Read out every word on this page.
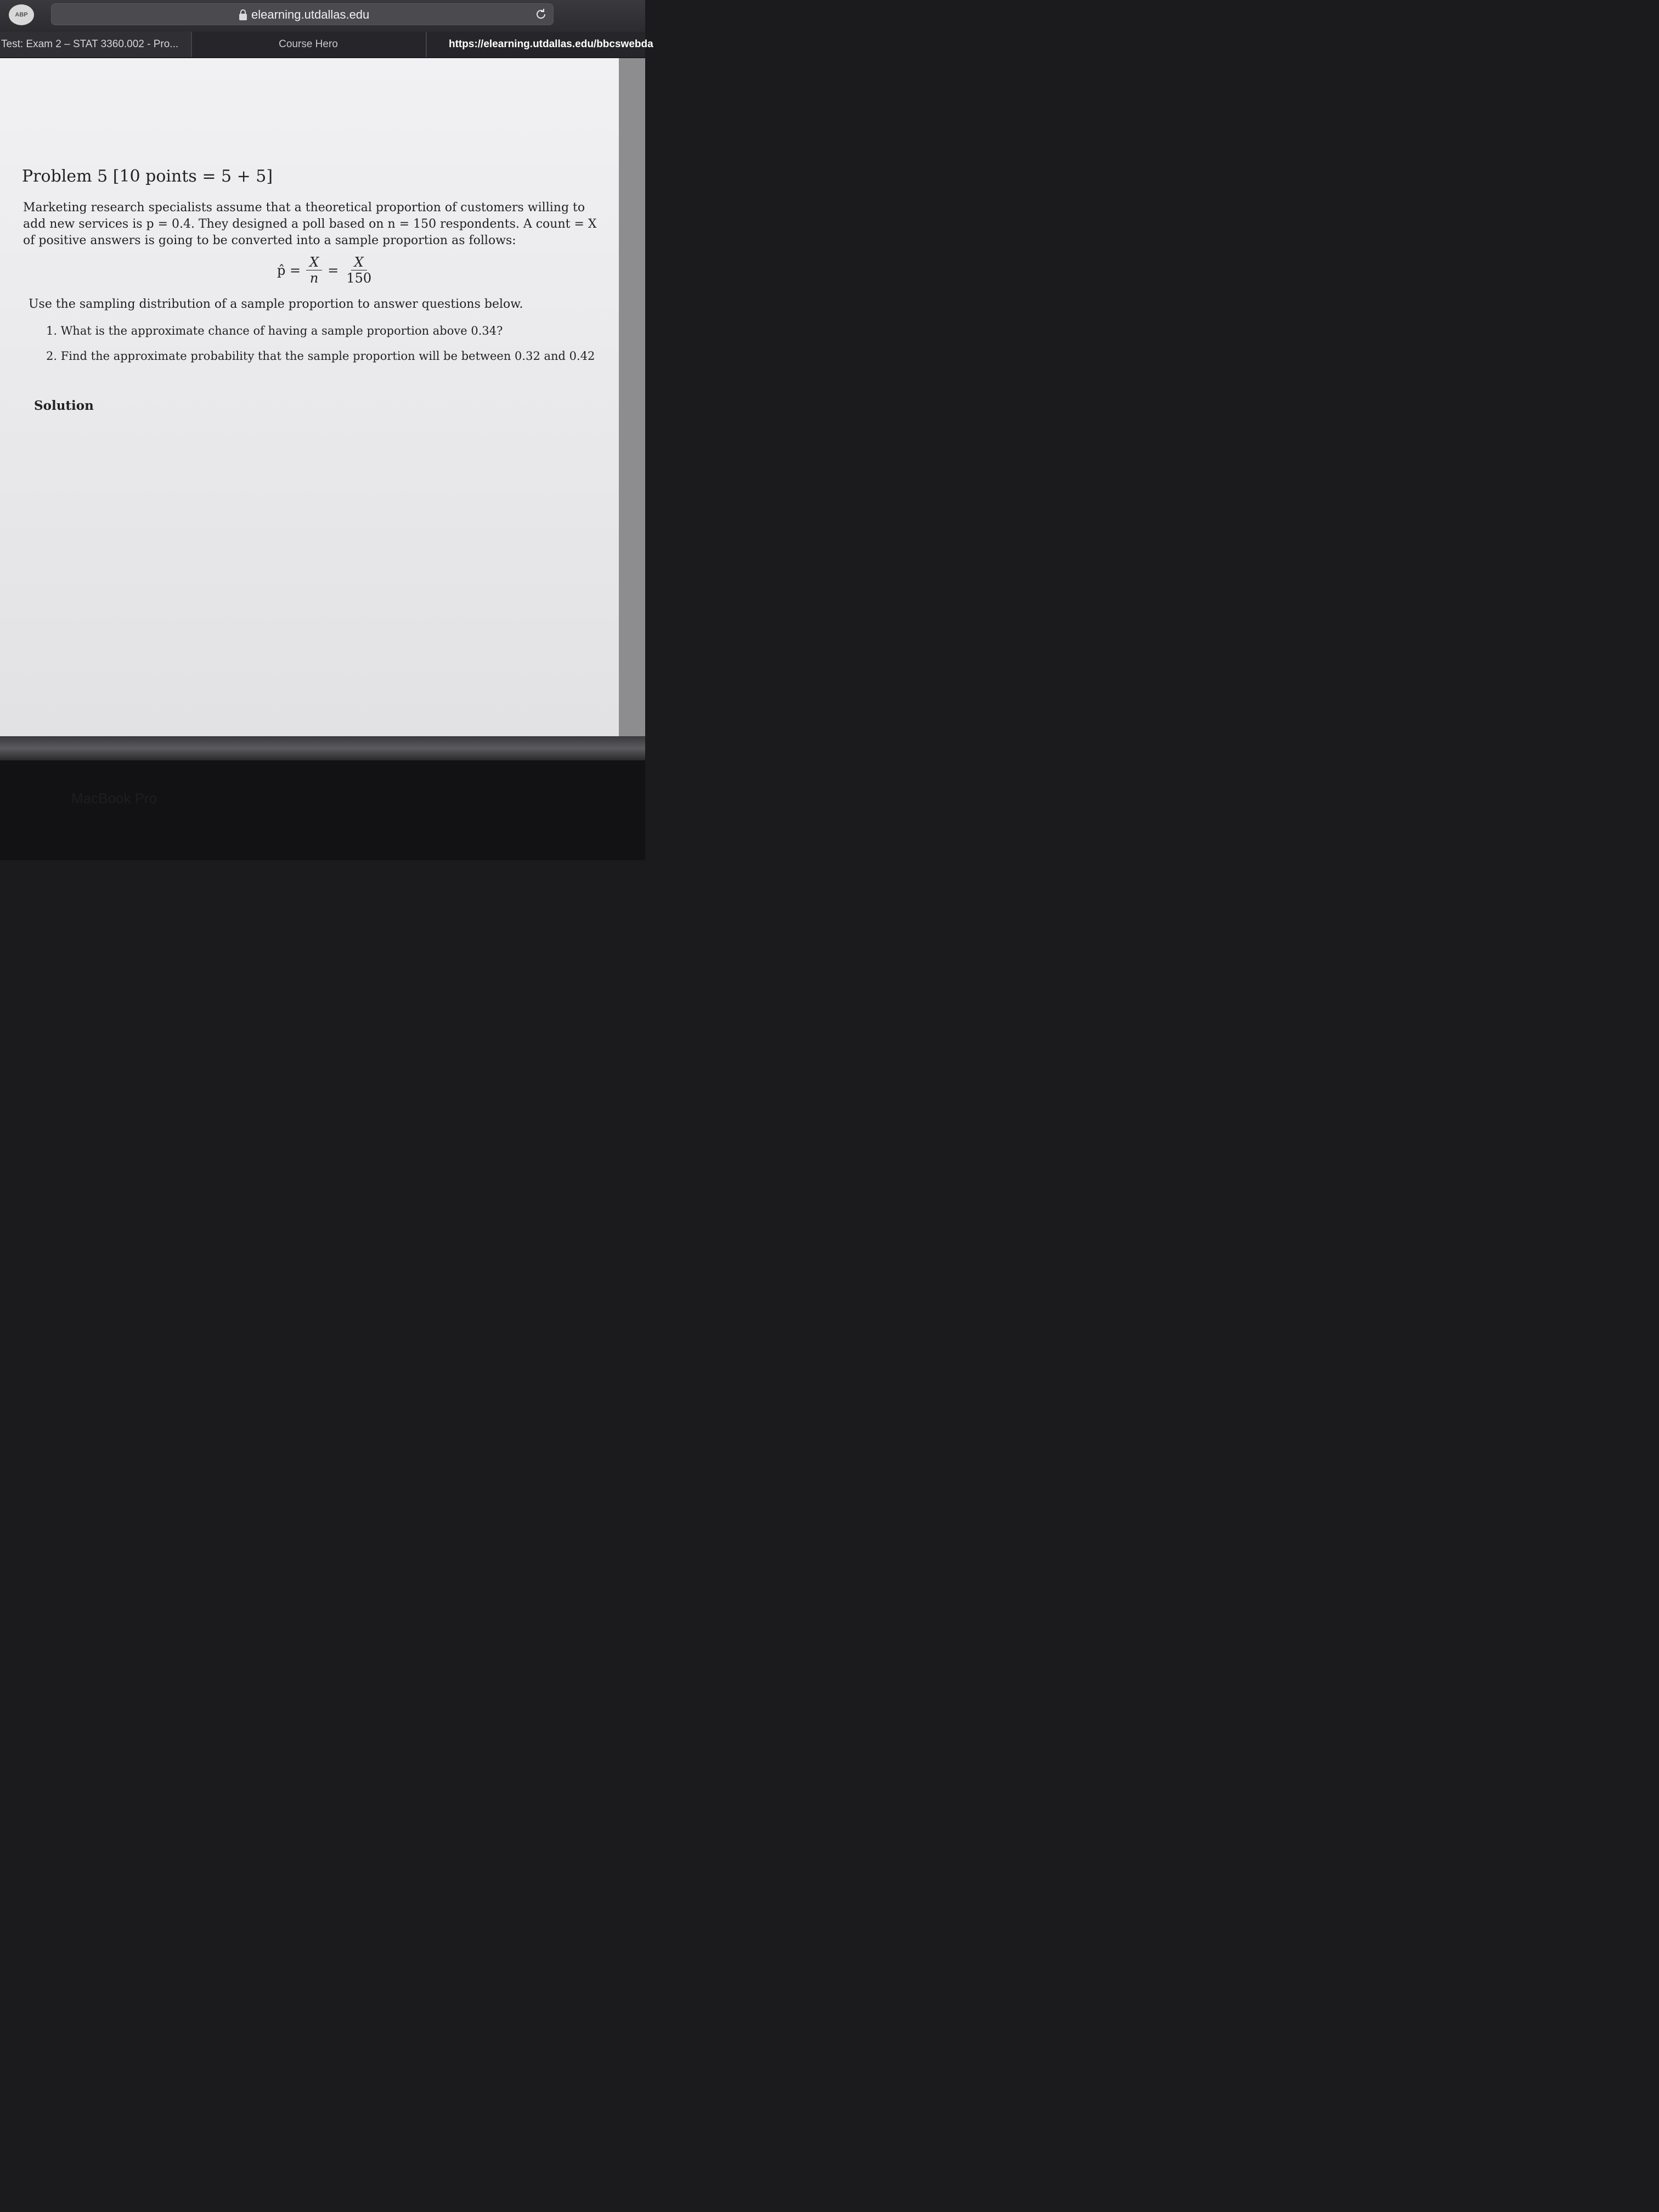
ABP	elearning.utdallas.edu
Test: Exam 2 – STAT 3360.002 - Pro...	Course Hero	https://elearning.utdallas.edu/bbcswebda
Problem 5 [10 points = 5 + 5]
Marketing research specialists assume that a theoretical proportion of customers willing to add new services is p = 0.4. They designed a poll based on n = 150 respondents. A count = X of positive answers is going to be converted into a sample proportion as follows:
p̂ = $\frac{X}{n} = \frac{X}{150}$
Use the sampling distribution of a sample proportion to answer questions below.
1. What is the approximate chance of having a sample proportion above 0.34?
2. Find the approximate probability that the sample proportion will be between 0.32 and 0.42
Solution
MacBook Pro
